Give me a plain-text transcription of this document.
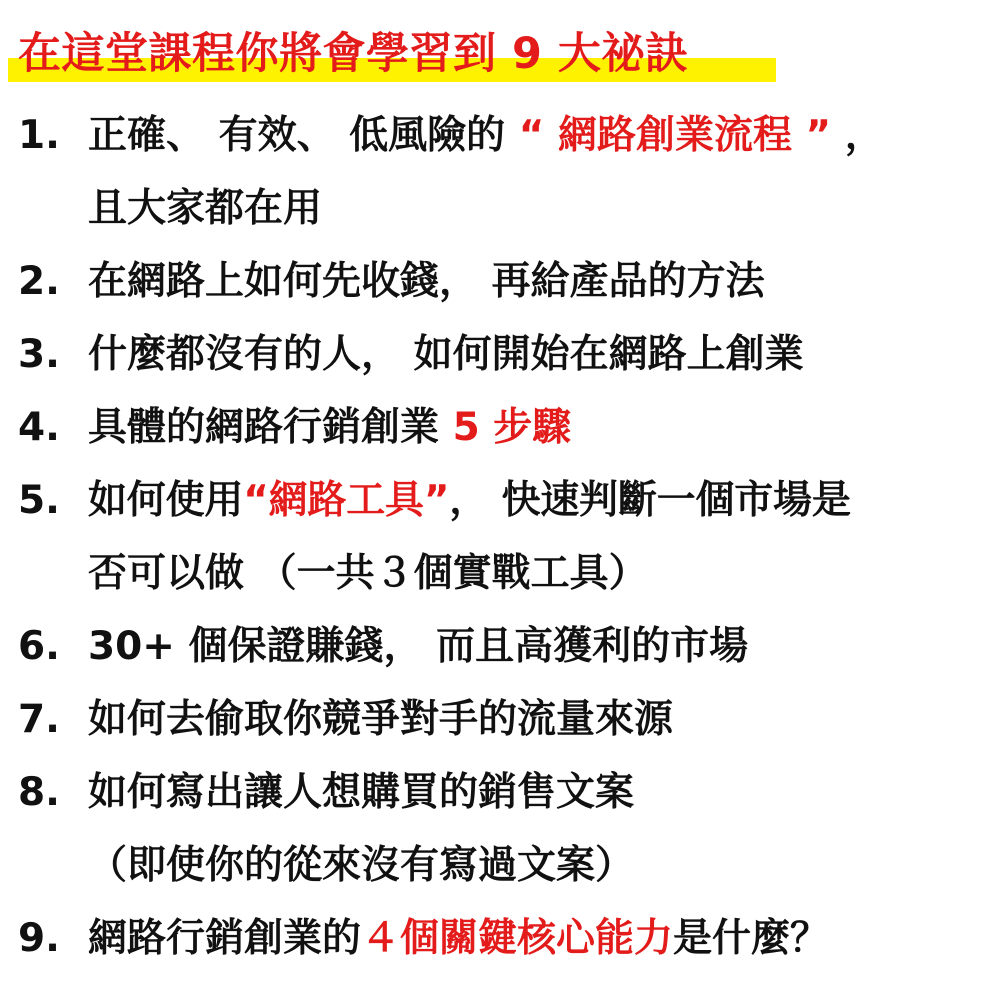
在這堂課程你將會學習到 9 大祕訣
1. 正確、 有效、 低風險的 “ 網路創業流程 ” ，
且大家都在用
2. 在網路上如何先收錢， 再給產品的方法
3. 什麼都沒有的人， 如何開始在網路上創業
4. 具體的網路行銷創業 5 步驟
5. 如何使用“網路工具”， 快速判斷一個市場是
否可以做 （一共３個實戰工具）
6. 30+ 個保證賺錢， 而且高獲利的市場
7. 如何去偷取你競爭對手的流量來源
8. 如何寫出讓人想購買的銷售文案
（即使你的從來沒有寫過文案）
9. 網路行銷創業的４個關鍵核心能力是什麼？
